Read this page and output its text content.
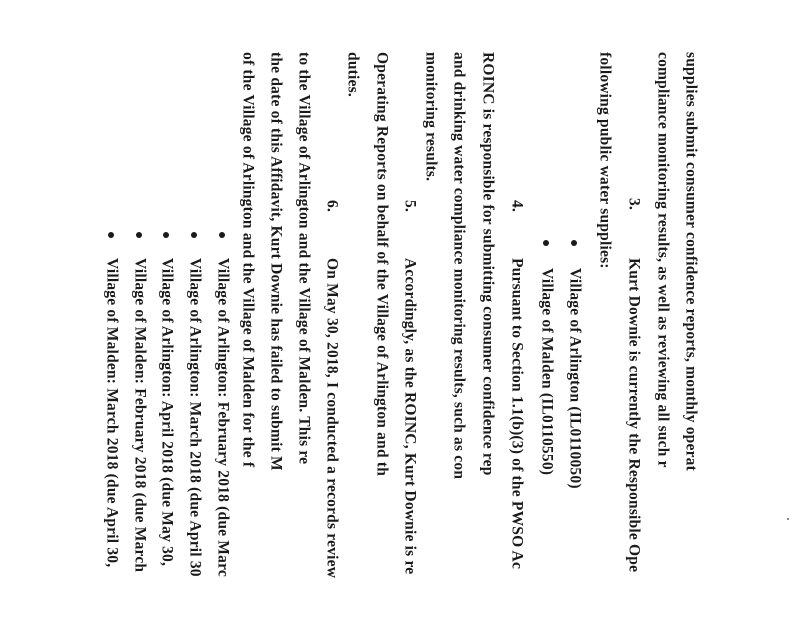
supplies submit consumer confidence reports, monthly operat
compliance monitoring results, as well as reviewing all such r
3.
Kurt Downie is currently the Responsible Ope
following public water supplies:
Village of Arlington (IL0110050)
Village of Malden (IL0110550)
4.
Pursuant to Section 1.1(b)(3) of the PWSO Ac
ROINC is responsible for submitting consumer confidence rep
and drinking water compliance monitoring results, such as con
monitoring results.
5.
Accordingly, as the ROINC, Kurt Downie is re
Operating Reports on behalf of the Village of Arlington and th
duties.
6.
On May 30, 2018, I conducted a records review
to the Village of Arlington and the Village of Malden. This re
the date of this Affidavit, Kurt Downie has failed to submit M
of the Village of Arlington and the Village of Malden for the f
Village of Arlington: February 2018 (due Marc
Village of Arlington: March 2018 (due April 30
Village of Arlington: April 2018 (due May 30,
Village of Malden: February 2018 (due March
Village of Malden: March 2018 (due April 30,
